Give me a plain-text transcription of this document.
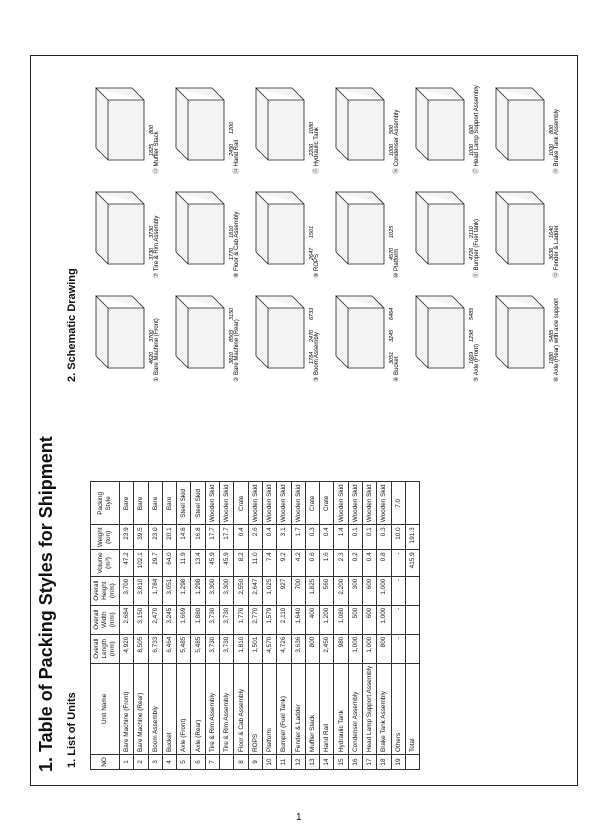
1. Table of Packing Styles for Shipment 1. List of Units
2. Schematic Drawing
NO	Unit Name	Overall Length (mm)	Overall Width (mm)	Overall Height (mm)	Volume (m³)	Weight (ton)	Packing Style
1	Bare Machine (Front)	4,920	2,684	3,700	47.2	23.9	Bare
2	Bare Machine (Rear)	8,505	3,150	3,810	102.1	39.5	Bare
3	Boom Assembly	6,733	2,470	1,784	29.7	23.0	Bare
4	Bucket	6,464	3,245	3,051	64.0	20.1	Bare
5	Axle (Front)	5,485	1,669	1,298	11.9	14.8	Steel Skid
6	Axle (Rear)	5,485	1,880	1,298	13.4	16.8	Steel Skid
7	Tire & Rim Assembly	3,730	3,730	3,300	45.9	17.7	Wooden Skid
	Tire & Rim Assembly	3,730	3,730	3,300	45.9	17.7	Wooden Skid
8	Floor & Cab Assembly	1,810	1,770	2,550	8.2	0.4	Crate
9	ROPS	1,501	2,770	2,647	11.0	2.6	Wooden Skid
10	Platform	4,570	1,579	1,025	7.4	0.4	Wooden Skid
11	Bumper (Fuel Tank)	4,726	2,110	927	9.2	3.1	Wooden Skid
12	Fender & Ladder	3,636	1,640	700	4.2	1.7	Wooden Skid
13	Muffler Stack	800	400	1,825	0.6	0.3	Crate
14	Hand Rail	2,450	1,200	560	1.6	0.4	Crate
15	Hydraulic Tank	980	1,080	2,200	2.3	1.4	Wooden Skid
16	Condenser Assembly	1,000	500	300	0.2	0.1	Wooden Skid
17	Head Lamp Support Assembly	1,000	600	600	0.4	0.1	Wooden Skid
18	Brake Tank Assembly	800	1,000	1,000	0.8	0.3	Wooden Skid
19	Others	-	-	-	-	10.0	7.0
	Total				415.9	191.3	
4620
3700 ① Bare Machine (Front)	3810
8505
3150
② Bare Machine (Rear)	1784
2470
6733
③ Boom Assembly	3051
3245
6464
④ Bucket	1669
1298
5485
⑤ Axle (Front)	1880
5485 ⑥ Axle (Rear) with axle support
3730
3730 ⑦ Tire & Rim Assembly	1770
1810 ⑧ Floor & Cab Assembly	2647
1501
⑨ ROPS
4570
1025
⑩ Platform	4726
2110 ⑪ Bumper (Fuel tank)	3636
1640 ⑫ Fender & Ladder
1825
800
⑬ Muffler Stack	2450
1200
⑭ Hand Rail	2200
1080 ⑮ Hydraulic Tank	1000
500 ⑯ Condenser Assembly	1000
600 ⑰ Head Lamp Support Assembly	1000
800 ⑱ Brake Tank Assembly
1
